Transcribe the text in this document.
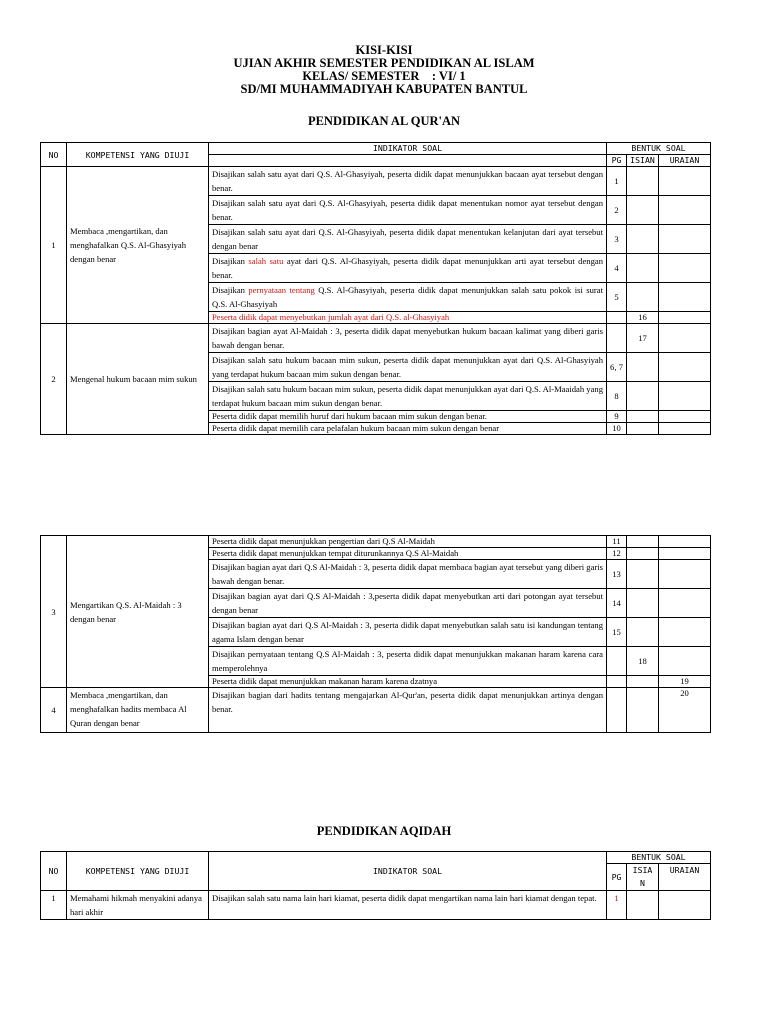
KISI-KISI
UJIAN AKHIR SEMESTER PENDIDIKAN AL ISLAM
KELAS/ SEMESTER    : VI/ 1
SD/MI MUHAMMADIYAH KABUPATEN BANTUL
PENDIDIKAN AL QUR'AN
NO	KOMPETENSI YANG DIUJI	INDIKATOR SOAL	BENTUK SOAL		
			PG	ISIAN	URAIAN
1	Membaca ,mengartikan, dan menghafalkan Q.S. Al-Ghasyiyah dengan benar	Disajikan salah satu ayat dari Q.S. Al-Ghasyiyah, peserta didik dapat menunjukkan bacaan ayat tersebut dengan benar.	1		
		Disajikan salah satu ayat dari Q.S. Al-Ghasyiyah, peserta didik dapat menentukan nomor ayat tersebut dengan benar.	2		
		Disajikan salah satu ayat dari Q.S. Al-Ghasyiyah, peserta didik dapat menentukan kelanjutan dari ayat tersebut dengan benar	3		
		Disajikan salah satu ayat dari Q.S. Al-Ghasyiyah, peserta didik dapat menunjukkan arti ayat tersebut dengan benar.	4		
		Disajikan pernyataan tentang Q.S. Al-Ghasyiyah, peserta didik dapat menunjukkan salah satu pokok isi surat Q.S. Al-Ghasyiyah	5		
		Peserta didik dapat menyebutkan jumlah ayat dari Q.S. al-Ghasyiyah		16	
2	Mengenal hukum bacaan mim sukun	Disajikan bagian ayat Al-Maidah : 3, peserta didik dapat menyebutkan hukum bacaan kalimat yang diberi garis bawah dengan benar.		17	
		Disajikan salah satu hukum bacaan mim sukun, peserta didik dapat menunjukkan ayat dari Q.S. Al-Ghasyiyah yang terdapat hukum bacaan mim sukun dengan benar.	6, 7		
		Disajikan salah satu hukum bacaan mim sukun, peserta didik dapat menunjukkan ayat dari Q.S. Al-Maaidah yang terdapat hukum bacaan mim sukun dengan benar.	8		
		Peserta didik dapat memilih huruf dari hukum bacaan mim sukun dengan benar.	9		
		Peserta didik dapat memilih cara pelafalan hukum bacaan mim sukun dengan benar	10		
3	Mengartikan Q.S. Al-Maidah : 3 dengan benar	Peserta didik dapat menunjukkan pengertian dari Q.S Al-Maidah	11		
		Peserta didik dapat menunjukkan tempat diturunkannya Q.S Al-Maidah	12		
		Disajikan bagian ayat dari Q.S Al-Maidah : 3, peserta didik dapat membaca bagian ayat tersebut yang diberi garis bawah dengan benar.	13		
		Disajikan bagian ayat dari Q.S Al-Maidah : 3,peserta didik dapat menyebutkan arti dari potongan ayat tersebut dengan benar	14		
		Disajikan bagian ayat dari Q.S Al-Maidah : 3, peserta didik dapat menyebutkan salah satu isi kandungan tentang agama Islam dengan benar	15		
		Disajikan pernyataan tentang Q.S Al-Maidah : 3, peserta didik dapat menunjukkan makanan haram karena cara memperolehnya		18	
		Peserta didik dapat menunjukkan makanan haram karena dzatnya			19
4	Membaca ,mengartikan, dan menghafalkan hadits membaca Al Quran dengan benar	Disajikan bagian dari hadits tentang mengajarkan Al-Qur'an, peserta didik dapat menunjukkan artinya dengan benar.			20
PENDIDIKAN AQIDAH
NO	KOMPETENSI YANG DIUJI	INDIKATOR SOAL	BENTUK SOAL		
			PG	ISIA N	URAIAN
1	Memahami hikmah menyakini adanya hari akhir	Disajikan salah satu nama lain hari kiamat, peserta didik dapat mengartikan nama lain hari kiamat dengan tepat.	1		
